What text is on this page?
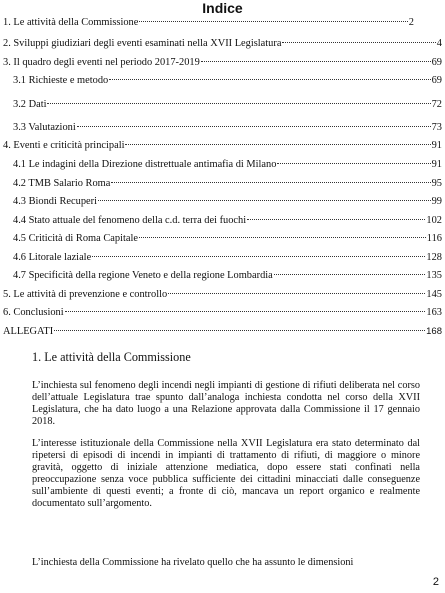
Indice
1. Le attività della Commissione	2
2. Sviluppi giudiziari degli eventi esaminati nella XVII Legislatura	4
3. Il quadro degli eventi nel periodo 2017-2019	69
3.1 Richieste e metodo	69
3.2 Dati	72
3.3 Valutazioni	73
4. Eventi e criticità principali	91
4.1 Le indagini della Direzione distrettuale antimafia di Milano	91
4.2 TMB Salario Roma	95
4.3 Biondi Recuperi	99
4.4 Stato attuale del fenomeno della c.d. terra dei fuochi	102
4.5 Criticità di Roma Capitale	116
4.6 Litorale laziale	128
4.7 Specificità della regione Veneto e della regione Lombardia	135
5. Le attività di prevenzione e controllo	145
6. Conclusioni	163
ALLEGATI	168
1. Le attività della Commissione

L’inchiesta sul fenomeno degli incendi negli impianti di gestione di rifiuti deliberata nel corso dell’attuale Legislatura trae spunto dall’analoga inchiesta condotta nel corso della XVII Legislatura, che ha dato luogo a una Relazione approvata dalla Commissione il 17 gennaio 2018.

L’interesse istituzionale della Commissione nella XVII Legislatura era stato determinato dal ripetersi di episodi di incendi in impianti di trattamento di rifiuti, di maggiore o minore gravità, oggetto di iniziale attenzione mediatica, dopo essere stati confinati nella preoccupazione senza voce pubblica sufficiente dei cittadini minacciati dalle conseguenze sull’ambiente di questi eventi; a fronte di ciò, mancava un report organico e realmente documentato sull’argomento.

L’inchiesta della Commissione ha rivelato quello che ha assunto le dimensioni

2
